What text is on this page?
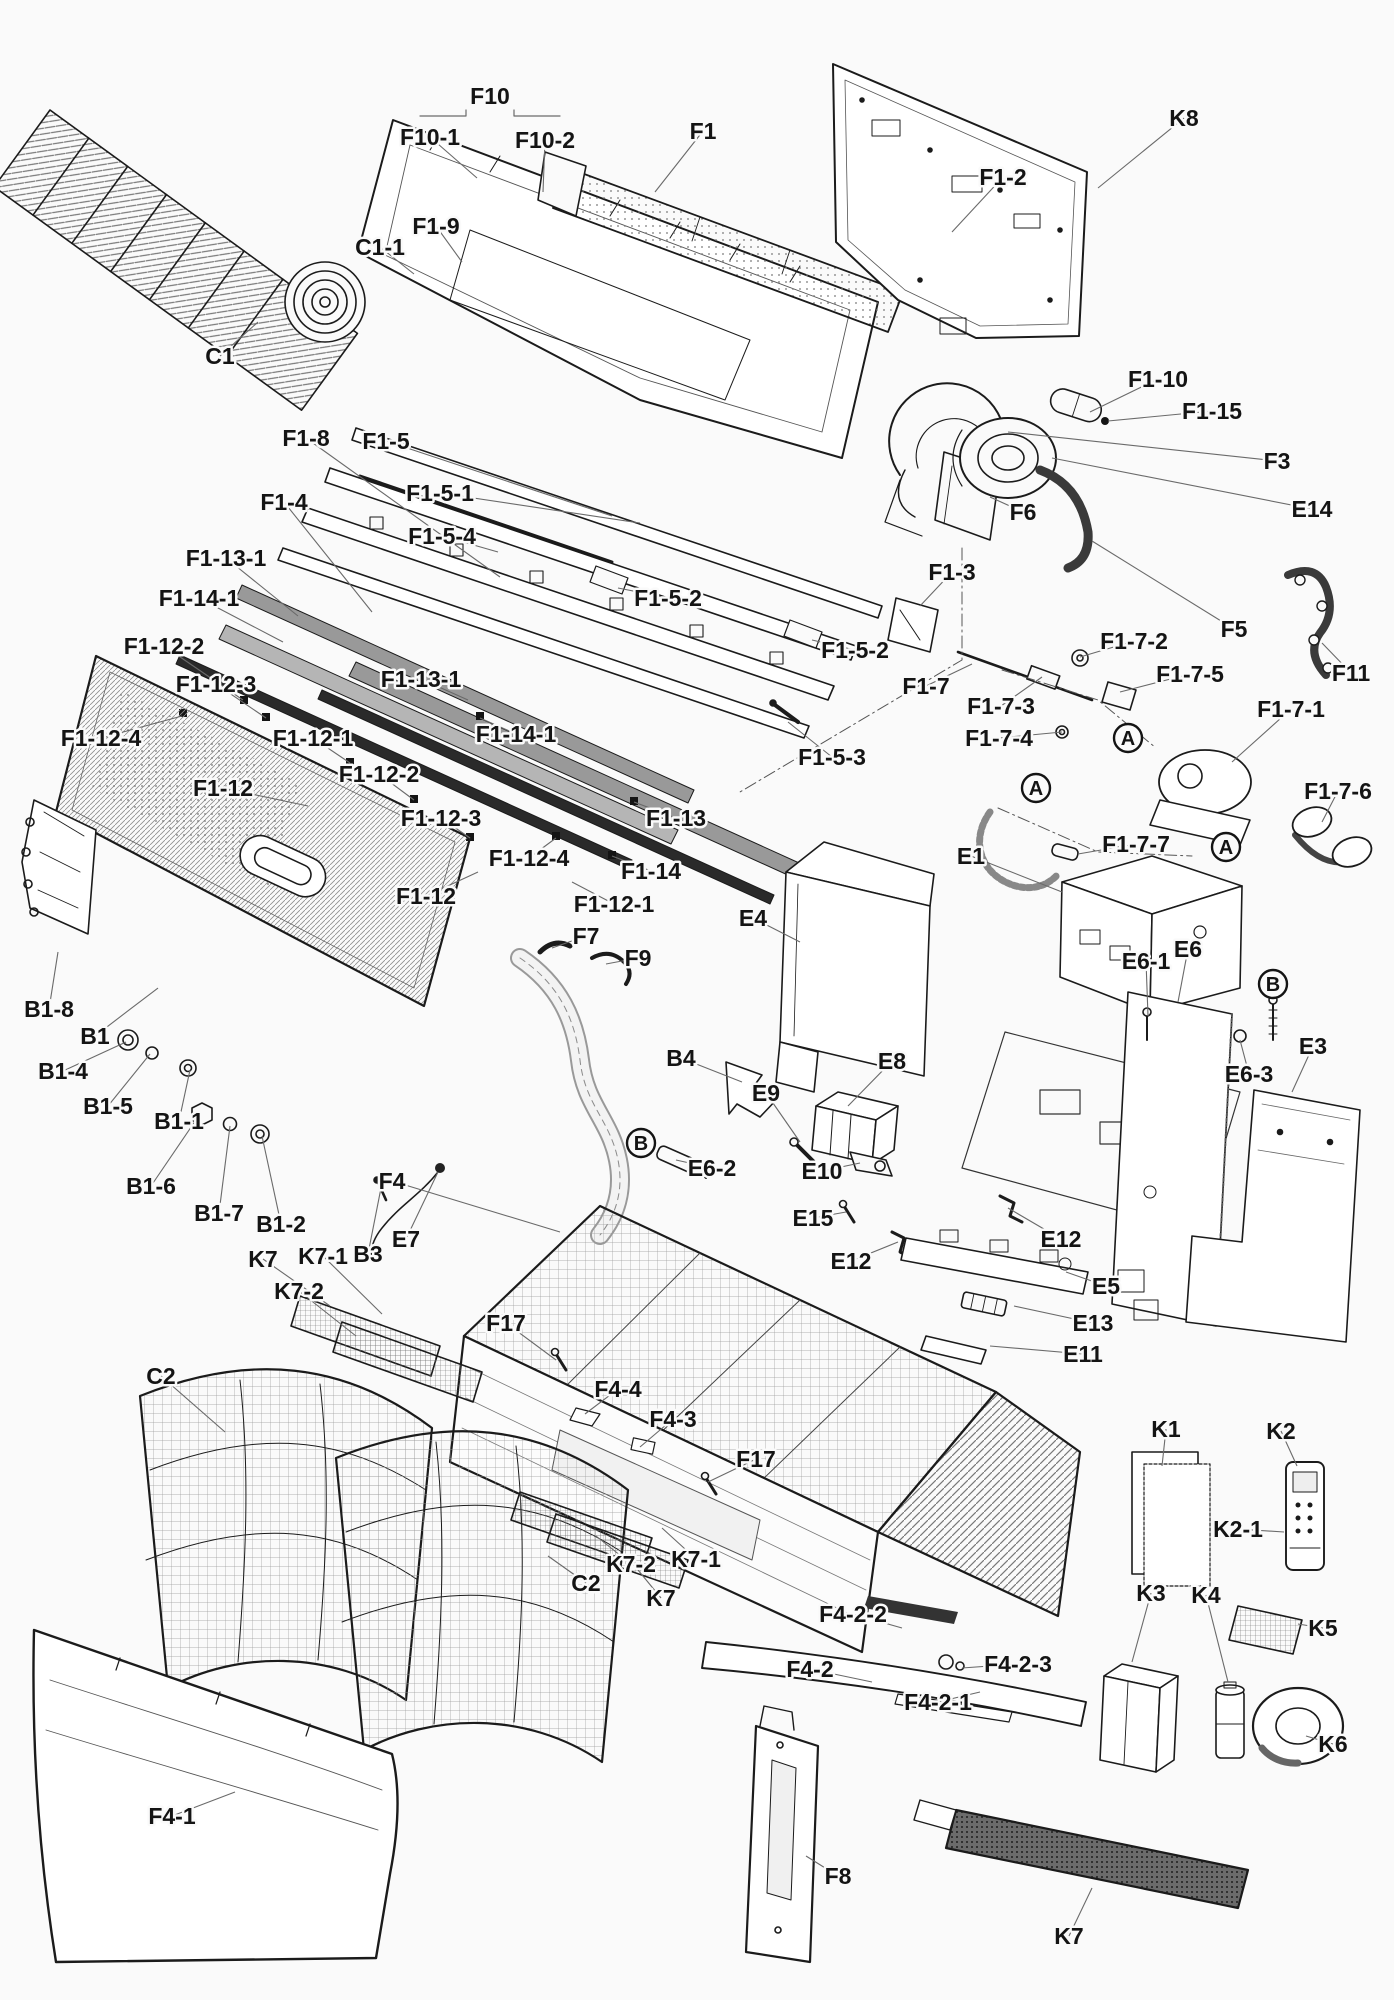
F10
F10-1 F10-2	F1
F1-2
K8
F1-9
C1-1
C1
F1-10
F1-15
F6
F3
E14
F5
F11
F1-8 F1-5
F1-5-1
F1-4
F1-5-4
F1-5-2
F1-3
F1-5-2
F1-5-3
F1-7
F1-7-2
F1-7-5
F1-7-3
F1-7-4
F1-7-1
F1-7-6
F1-7-7
F1-13-1
F1-14-1
F1-12-2
F1-12-3
F1-12-4	F1-12-1
F1-12
F1-13-1
F1-14-1
F1-12-2
F1-12-3
F1-12-4
F1-13
F1-14
F1-12	F1-12-1
F7
F9
B1-8
B1
B1-4
B1-5
B1-1
B1-6
B1-7 B1-2
B3
E7
B4
E6-2
E4
E1
E8
E9
E10
E15
E12
E12
E5
E13
E11
E6-1 E6
E6-3
E3
F4
K7 K7-1
K7-2
C2
F17
F4-4
F4-3
F17
C2
K7-2 K7-1
K7
F4-2-2
F4-2-3
F4-2
F4-2-1
F8
F4-1
K1	K2
K2-1
K3 K4
K5
K6
K7
A
A
A
B
B
